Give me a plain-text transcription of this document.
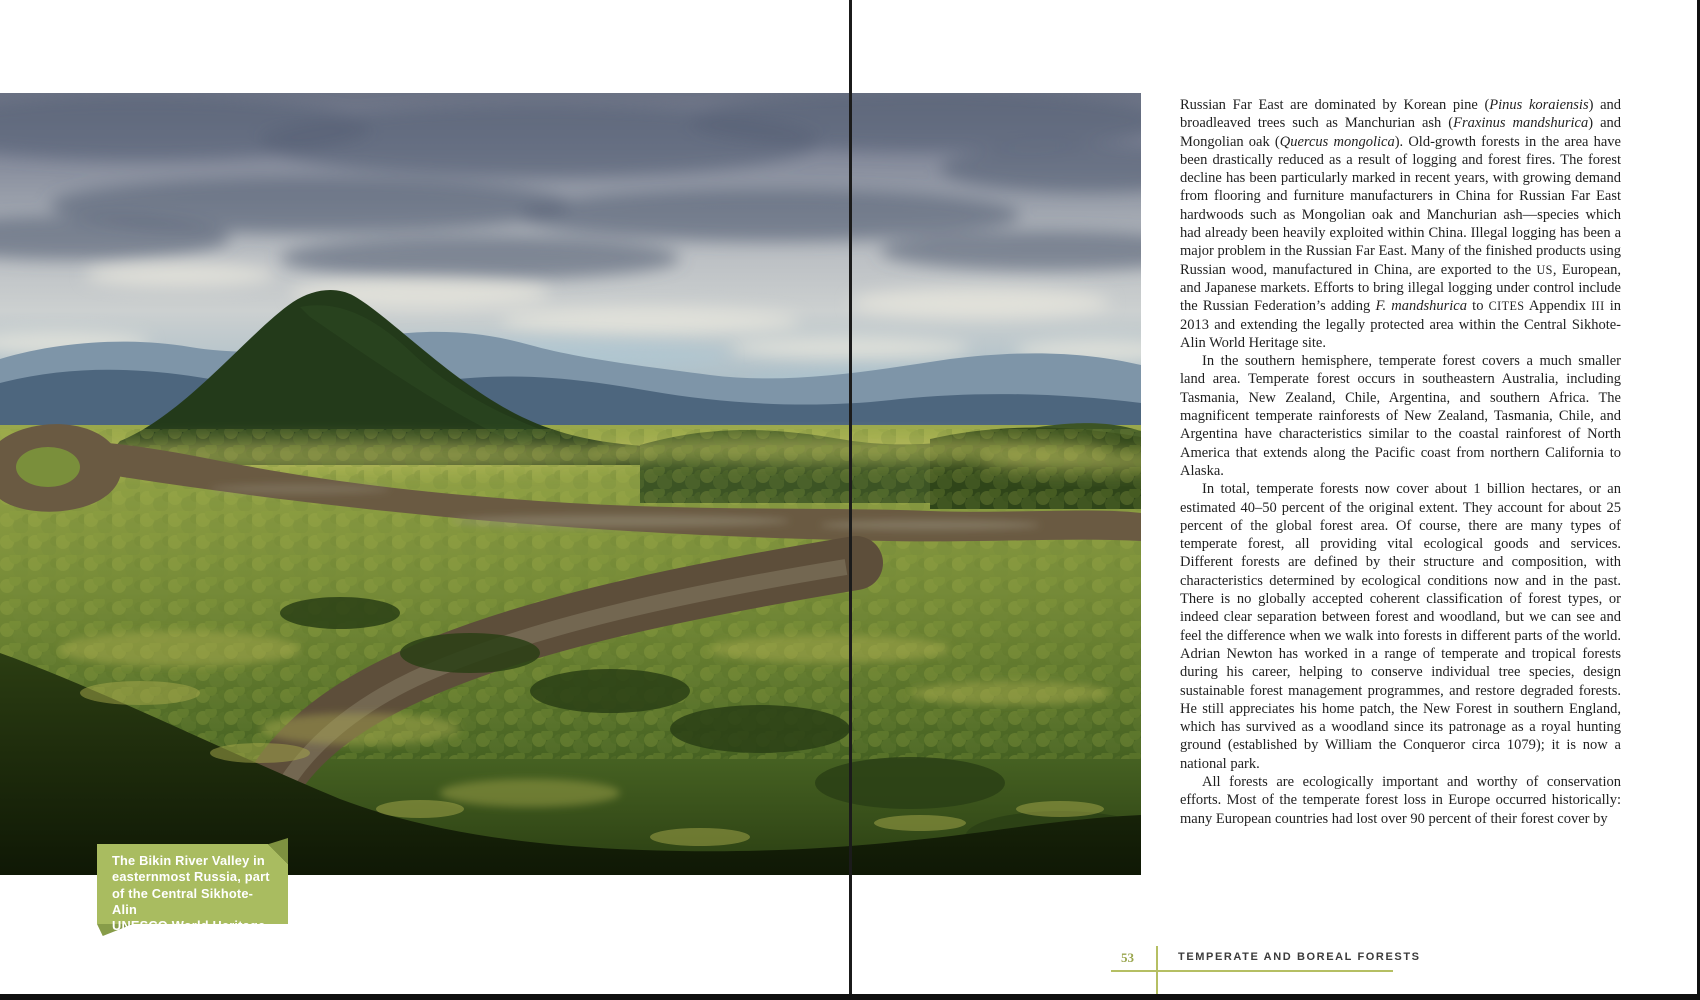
The Bikin River Valley in
easternmost Russia, part
of the Central Sikhote-Alin
UNESCO World Heritage site.

Russian Far East are dominated by Korean pine (Pinus koraiensis) and broadleaved trees such as Manchurian ash (Fraxinus mandshurica) and Mongolian oak (Quercus mongolica). Old-growth forests in the area have been drastically reduced as a result of logging and forest fires. The forest decline has been particularly marked in recent years, with growing demand from flooring and furniture manufacturers in China for Russian Far East hardwoods such as Mongolian oak and Manchurian ash—species which had already been heavily exploited within China. Illegal logging has been a major problem in the Russian Far East. Many of the finished products using Russian wood, manufactured in China, are exported to the US, European, and Japanese markets. Efforts to bring illegal logging under control include the Russian Federation’s adding F. mandshurica to CITES Appendix III in 2013 and extending the legally protected area within the Central Sikhote-Alin World Heritage site.

In the southern hemisphere, temperate forest covers a much smaller land area. Temperate forest occurs in southeastern Australia, including Tasmania, New Zealand, Chile, Argentina, and southern Africa. The magnificent temperate rainforests of New Zealand, Tasmania, Chile, and Argentina have characteristics similar to the coastal rainforest of North America that extends along the Pacific coast from northern California to Alaska.

In total, temperate forests now cover about 1 billion hectares, or an estimated 40–50 percent of the original extent. They account for about 25 percent of the global forest area. Of course, there are many types of temperate forest, all providing vital ecological goods and services. Different forests are defined by their structure and composition, with characteristics determined by ecological conditions now and in the past. There is no globally accepted coherent classification of forest types, or indeed clear separation between forest and woodland, but we can see and feel the difference when we walk into forests in different parts of the world. Adrian Newton has worked in a range of temperate and tropical forests during his career, helping to conserve individual tree species, design sustainable forest management programmes, and restore degraded forests. He still appreciates his home patch, the New Forest in southern England, which has survived as a woodland since its patronage as a royal hunting ground (established by William the Conqueror circa 1079); it is now a national park.

All forests are ecologically important and worthy of conservation efforts. Most of the temperate forest loss in Europe occurred historically: many European countries had lost over 90 percent of their forest cover by

53	TEMPERATE AND BOREAL FORESTS
